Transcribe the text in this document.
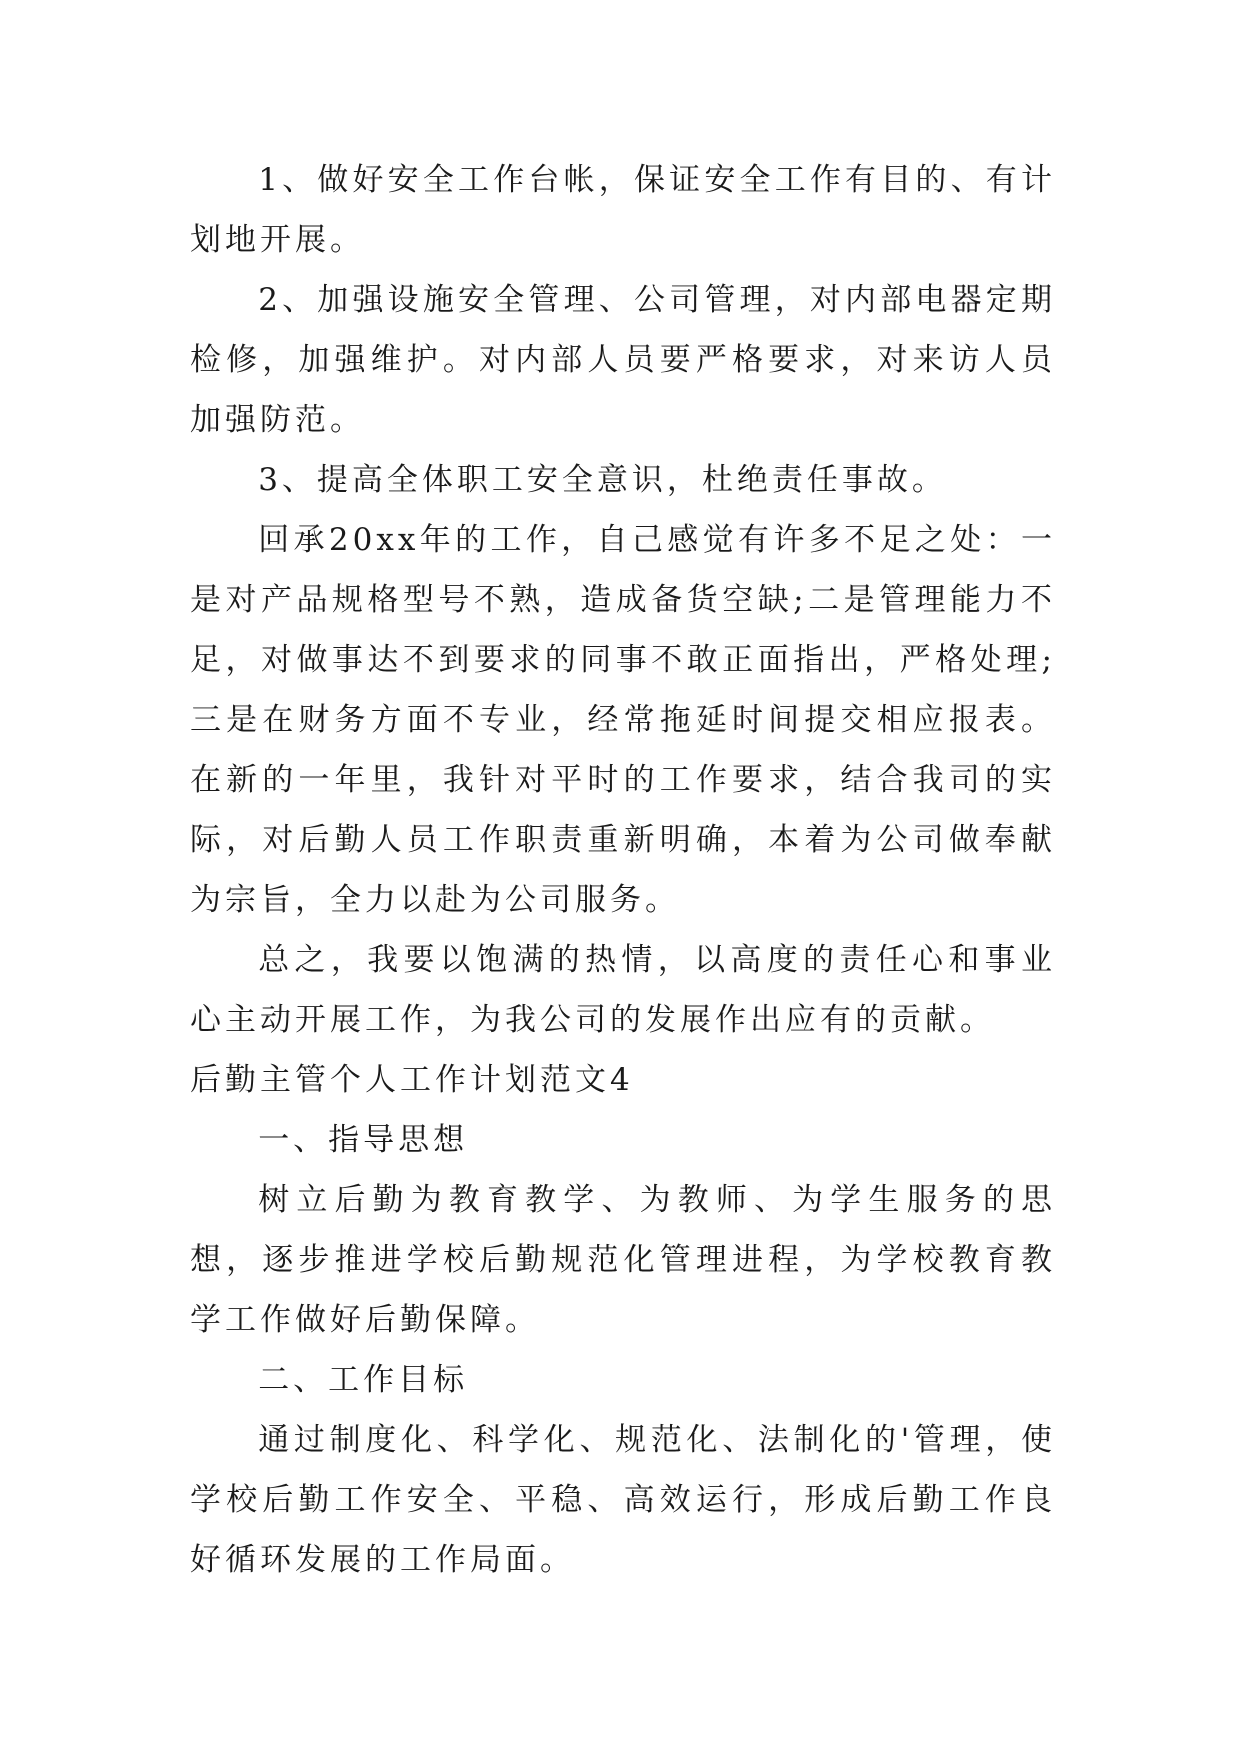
1、做好安全工作台帐，保证安全工作有目的、有计划地开展。

2、加强设施安全管理、公司管理，对内部电器定期检修，加强维护。对内部人员要严格要求，对来访人员加强防范。

3、提高全体职工安全意识，杜绝责任事故。

回承20xx年的工作，自己感觉有许多不足之处：一是对产品规格型号不熟，造成备货空缺;二是管理能力不足，对做事达不到要求的同事不敢正面指出，严格处理;三是在财务方面不专业，经常拖延时间提交相应报表。在新的一年里，我针对平时的工作要求，结合我司的实际，对后勤人员工作职责重新明确，本着为公司做奉献为宗旨，全力以赴为公司服务。

总之，我要以饱满的热情，以高度的责任心和事业心主动开展工作，为我公司的发展作出应有的贡献。

后勤主管个人工作计划范文4

一、指导思想

树立后勤为教育教学、为教师、为学生服务的思想，逐步推进学校后勤规范化管理进程，为学校教育教学工作做好后勤保障。

二、工作目标

通过制度化、科学化、规范化、法制化的'管理，使学校后勤工作安全、平稳、高效运行，形成后勤工作良好循环发展的工作局面。
